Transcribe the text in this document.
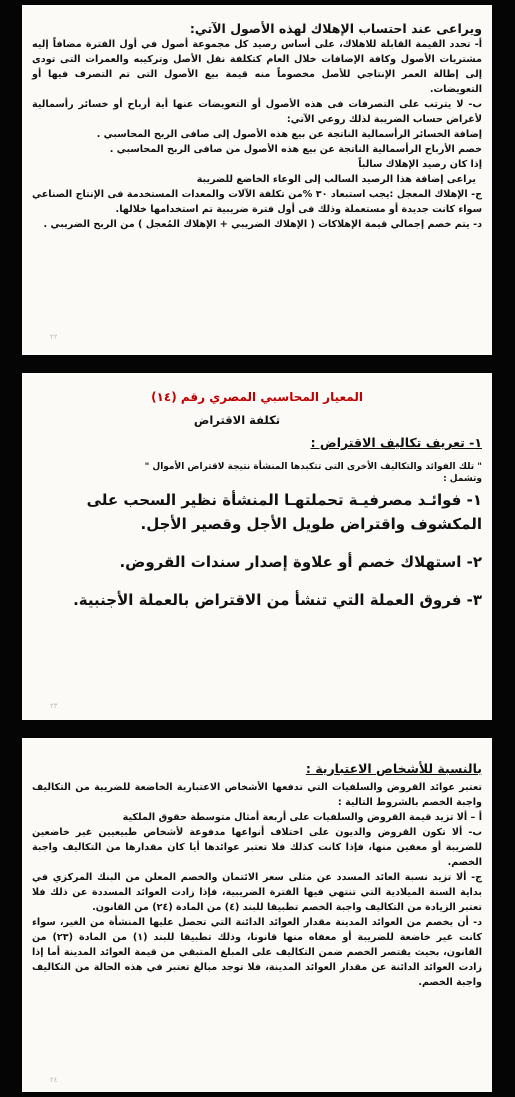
ويراعى عند احتساب الإهلاك لهذه الأصول الآتي:

أ- تحدد القيمة القابلة للاهلاك، على أساس رصيد كل مجموعة أصول في أول الفترة مضافاً إليه مشتريات الأصول وكافة الإضافات خلال العام كتكلفة نقل الأصل وتركيبه والعمرات التى تودى إلى إطالة العمر الإنتاجي للأصل مخصوماً منه قيمة بيع الأصول التى تم التصرف فيها أو التعويضات.

ب- لا يترتب على التصرفات فى هذه الأصول أو التعويضات عنها أية أرباح أو خسائر رأسمالية لأغراض حساب الضريبة لذلك روعي الآتي:

إضافة الخسائر الرأسمالية الناتجة عن بيع هذه الأصول إلى صافى الربح المحاسبي .

خصم الأرباح الرأسمالية الناتجة عن بيع هذه الأصول من صافى الربح المحاسبي .

إذا كان رصيد الإهلاك سالباً

يراعى إضافة هذا الرصيد السالب إلى الوعاء الخاضع للضريبة

ج- الإهلاك المعجل :يجب استبعاد ٣٠ %من تكلفة الآلات والمعدات المستخدمة فى الإنتاج الصناعي سواء كانت جديدة أو مستعملة وذلك فى أول فترة ضريبية تم استخدامها خلالها.

د- يتم خصم إجمالي قيمة الإهلاكات ( الإهلاك الضريبي + الإهلاك المُعجل ) من الربح الضريبي .

٢٢
المعيار المحاسبي المصري رقم (١٤)
تكلفة الاقتراض
١- تعريف تكاليف الاقتراض :
" تلك الفوائد والتكاليف الأخرى التى تتكبدها المنشأة نتيجة لاقتراض الأموال "
وتشمل :

١- فوائـد مصرفيـة تحملتهـا المنشأة نظير السحب على المكشوف واقتراض طويل الأجل وقصير الأجل.

٢- استهلاك خصم أو علاوة إصدار سندات القروض.

٣- فروق العملة التي تنشأ من الاقتراض بالعملة الأجنبية.

٢٣
بالنسبة للأشخاص الاعتبارية :

تعتبر عوائد القروض والسلفيات التي تدفعها الأشخاص الاعتبارية الخاضعة للضريبة من التكاليف واجبة الخصم بالشروط التالية :

أ – ألا تزيد قيمة القروض والسلفيات على أربعة أمثال متوسطة حقوق الملكية

ب- ألا تكون القروض والديون على اختلاف أنواعها مدفوعة لأشخاص طبيعيين غير خاضعين للضريبة أو معفين منها، فإذا كانت كذلك فلا تعتبر عوائدها أيا كان مقدارها من التكاليف واجبة الخصم.

ج- ألا تزيد نسبة العائد المسدد عن مثلى سعر الائتمان والخصم المعلن من البنك المركزي في بداية السنة الميلادية التي تنتهي فيها الفترة الضريبية، فإذا زادت العوائد المسددة عن ذلك فلا تعتبر الزيادة من التكاليف واجبة الخصم تطبيقا للبند (٤) من المادة (٢٤) من القانون.

د- أن يخصم من العوائد المدينة مقدار العوائد الدائنة التي تحصل عليها المنشأة من الغير، سواء كانت غير خاضعة للضريبة أو معفاه منها قانونا، وذلك تطبيقا للبند (١) من المادة (٢٣) من القانون، بحيث يقتصر الخصم ضمن التكاليف على المبلغ المتبقي من قيمة العوائد المدينة أما إذا زادت العوائد الدائنة عن مقدار العوائد المدينة، فلا توجد مبالغ تعتبر في هذه الحالة من التكاليف واجبة الخصم.

٢٤
